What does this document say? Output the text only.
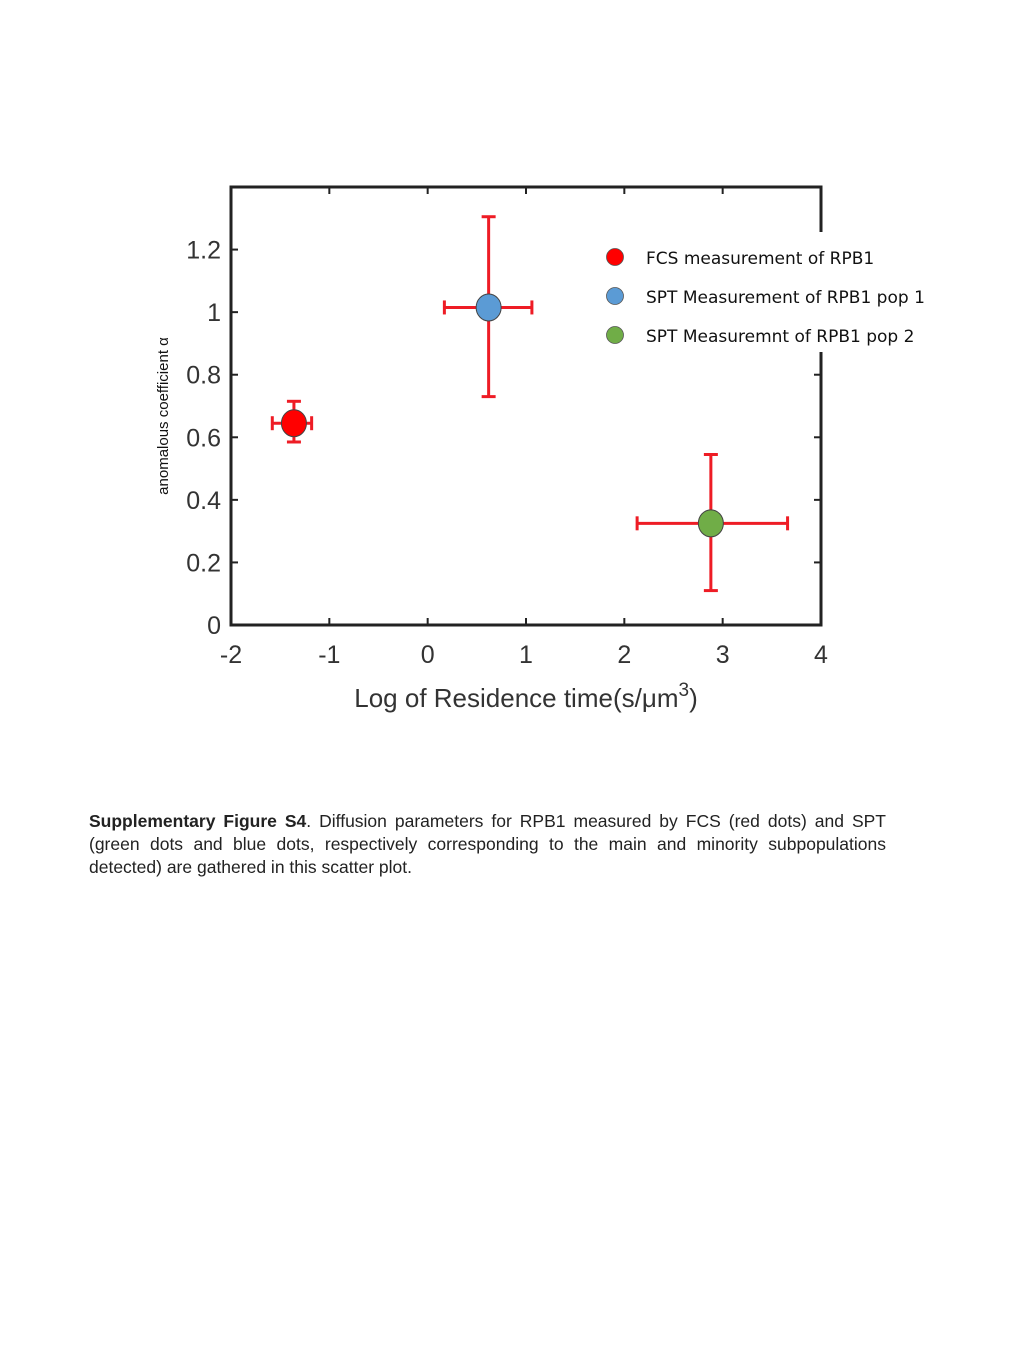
0
0.2
0.4
0.6
0.8
1
1.2
-2	-1	0	1	2	3	4
FCS measurement of RPB1
SPT Measurement of RPB1 pop 1
SPT Measuremnt of RPB1 pop 2
anomalous coefficient α
Log of Residence $time(s/\mu m^3)$
Supplementary Figure S4. Diffusion parameters for RPB1 measured by FCS (red dots) and SPT (green dots and blue dots, respectively corresponding to the main and minority subpopulations detected) are gathered in this scatter plot.
